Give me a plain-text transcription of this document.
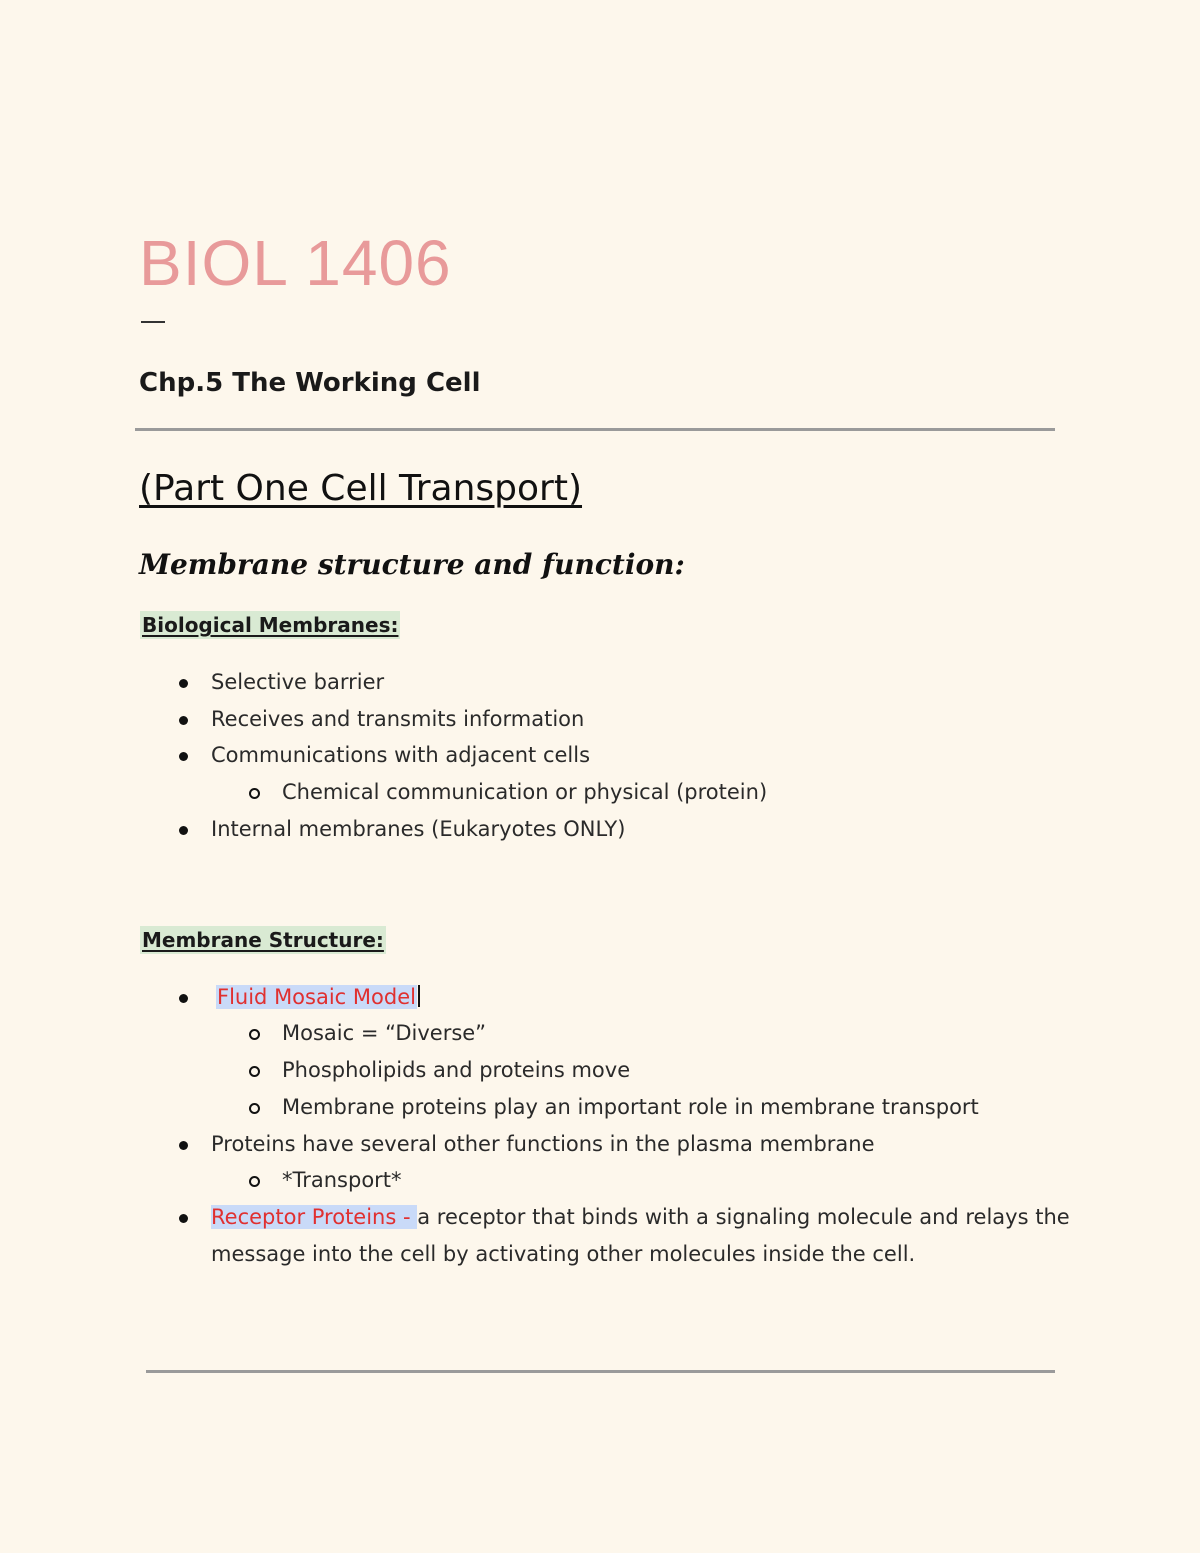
BIOL 1406
Chp.5 The Working Cell
(Part One Cell Transport)
Membrane structure and function:
Biological Membranes:
Selective barrier
Receives and transmits information
Communications with adjacent cells
Chemical communication or physical (protein)
Internal membranes (Eukaryotes ONLY)
Membrane Structure:
Fluid Mosaic Model
Mosaic = “Diverse”
Phospholipids and proteins move
Membrane proteins play an important role in membrane transport
Proteins have several other functions in the plasma membrane
*Transport*
Receptor Proteins - a receptor that binds with a signaling molecule and relays the message into the cell by activating other molecules inside the cell.
